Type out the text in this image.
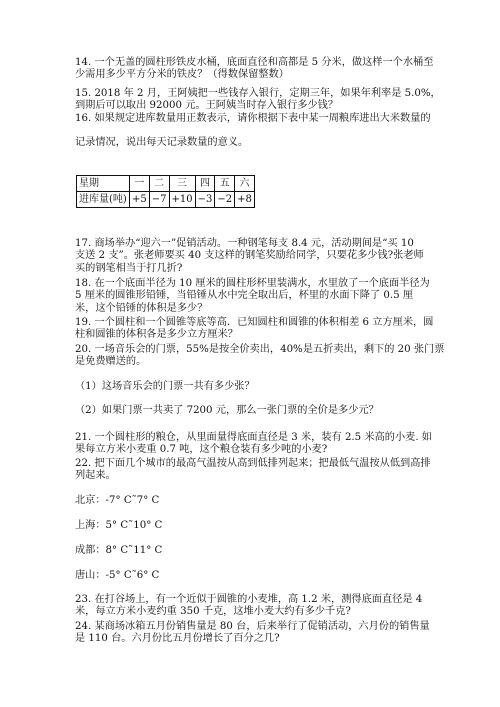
14. 一个无盖的圆柱形铁皮水桶，底面直径和高都是 5 分米，做这样一个水桶至
少需用多少平方分米的铁皮？（得数保留整数）
15. 2018 年 2 月，王阿姨把一些钱存入银行，定期三年，如果年利率是 5.0%，
到期后可以取出 92000 元。王阿姨当时存入银行多少钱？
16. 如果规定进库数量用正数表示，请你根据下表中某一周粮库进出大米数量的
记录情况，说出每天记录数量的意义。
星期	一	二	三	四	五	六
进库量(吨)	+5	−7	+10	−3	−2	+8
17. 商场举办“迎六一”促销活动。一种钢笔每支 8.4 元，活动期间是“买 10
支送 2 支”。张老师要买 40 支这样的钢笔奖励给同学，只要花多少钱?张老师
买的钢笔相当于打几折?
18. 在一个底面半径为 10 厘米的圆柱形杯里装满水，水里放了一个底面半径为
5 厘米的圆锥形铅锤，当铅锤从水中完全取出后，杯里的水面下降了 0.5 厘
米，这个铅锤的体积是多少？
19. 一个圆柱和一个圆锥等底等高．已知圆柱和圆锥的体积相差 6 立方厘米，圆
柱和圆锥的体积各是多少立方厘米？
20. 一场音乐会的门票，55%是按全价卖出，40%是五折卖出，剩下的 20 张门票
是免费赠送的。
（1）这场音乐会的门票一共有多少张？
（2）如果门票一共卖了 7200 元，那么一张门票的全价是多少元？
21. 一个圆柱形的粮仓，从里面量得底面直径是 3 米，装有 2.5 米高的小麦. 如
果每立方米小麦重 0.7 吨，这个粮仓装有多少吨的小麦?
22. 把下面几个城市的最高气温按从高到低排列起来；把最低气温按从低到高排
列起来。
北京：-7° C˜7° C
上海：5° C˜10° C
成都：8° C˜11° C
唐山：-5° C˜6° C
23. 在打谷场上，有一个近似于圆锥的小麦堆，高 1.2 米，测得底面直径是 4
米，每立方米小麦约重 350 千克，这堆小麦大约有多少千克?
24. 某商场冰箱五月份销售量是 80 台，后来举行了促销活动，六月份的销售量
是 110 台。六月份比五月份增长了百分之几?
